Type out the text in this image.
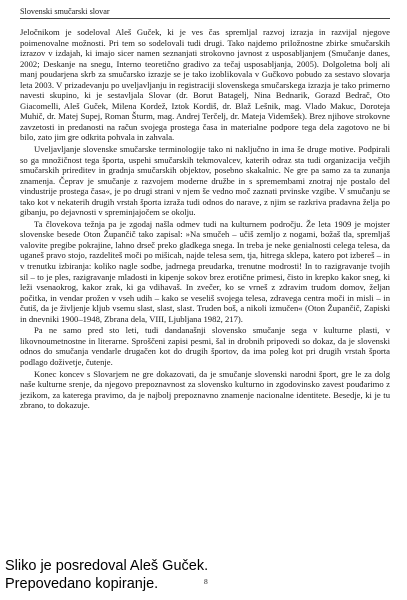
Slovenski smučarski slovar

Jeločnikom je sodeloval Aleš Guček, ki je ves čas spremljal razvoj izrazja in razvijal njegove poimenovalne možnosti. Pri tem so sodelovali tudi drugi. Tako najdemo priložnostne zbirke smučarskih izrazov v izdajah, ki imajo sicer namen seznanjati strokovno javnost z usposabljanjem (Smučanje danes, 2002; Deskanje na snegu, Interno teoretično gradivo za tečaj usposabljanja, 2005). Dolgoletna bolj ali manj poudarjena skrb za smučarsko izrazje se je tako izoblikovala v Gučkovo pobudo za sestavo slovarja leta 2003. V prizadevanju po uveljavljanju in registraciji slovenskega smučarskega izrazja je tako primerno navesti skupino, ki je sestavljala Slovar (dr. Borut Batagelj, Nina Bednarik, Gorazd Bedrač, Oto Giacomelli, Aleš Guček, Milena Kordež, Iztok Kordiš, dr. Blaž Lešnik, mag. Vlado Makuc, Doroteja Muhič, dr. Matej Supej, Roman Šturm, mag. Andrej Terčelj, dr. Mateja Videmšek). Brez njihove strokovne zavzetosti in predanosti na račun svojega prostega časa in materialne podpore tega dela zagotovo ne bi bilo, zato jim gre odkrita pohvala in zahvala.

Uveljavljanje slovenske smučarske terminologije tako ni naključno in ima še druge motive. Podpirali so ga množičnost tega športa, uspehi smučarskih tekmovalcev, katerih odraz sta tudi organizacija večjih smučarskih prireditev in gradnja smučarskih objektov, posebno skakalnic. Ne gre pa samo za ta zunanja znamenja. Čeprav je smučanje z razvojem moderne družbe in s spremembami znotraj nje postalo del vindustrije prostega časa«, je po drugi strani v njem še vedno moč zaznati prvinske vzgibe. V smučanju se tako kot v nekaterih drugih vrstah športa izraža tudi odnos do narave, z njim se razkriva pradavna želja po gibanju, po dejavnosti v spreminjajočem se okolju.

Ta človekova težnja pa je zgodaj našla odmev tudi na kulturnem področju. Že leta 1909 je mojster slovenske besede Oton Župančič tako zapisal: »Na smučeh – učiš zemljo z nogami, božaš tla, spremljaš valovite pregibe pokrajine, lahno drseč preko gladkega snega. In treba je neke genialnosti celega telesa, da uganeš pravo stojo, razdeliteš moči po mišicah, najde telesa sem, tja, hitrega sklepa, katero pot izbereš – in v trenutku izbiranja: koliko nagle sodbe, jadrnega preudarka, trenutne modrosti! In to razigravanje tvojih sil – to je ples, razigravanje mladosti in kipenje sokov brez erotične primesi, čisto in krepko kakor sneg, ki leži vsenaokrog, kakor zrak, ki ga vdihavaš. In zvečer, ko se vrneš z zdravim trudom domov, željan počitka, in vendar prožen v vseh udih – kako se veseliš svojega telesa, zdravega centra moči in misli – in čutiš, da je življenje kljub vsemu slast, slast, slast. Truden boš, a nikoli izmučen« (Oton Župančič, Zapiski in dnevniki 1900–1948, Zbrana dela, VIII, Ljubljana 1982, 217).

Pa ne samo pred sto leti, tudi dandanašnji slovensko smučanje sega v kulturne plasti, v likovnoumetnostne in literarne. Sproščeni zapisi pesmi, šal in drobnih pripovedi so dokaz, da je slovenski odnos do smučanja vendarle drugačen kot do drugih športov, da ima poleg kot pri drugih vrstah športa podlago doživetje, čutenje.

Konec koncev s Slovarjem ne gre dokazovati, da je smučanje slovenski narodni šport, gre le za dolg naše kulturne srenje, da njegovo prepoznavnost za slovensko kulturno in zgodovinsko zavest pouđarimo z jezikom, za katerega pravimo, da je najbolj prepoznavno znamenje nacionalne identitete. Besedje, ki je tu zbrano, to dokazuje.

Sliko je posredoval Aleš Guček.
Prepovedano kopiranje.	8
